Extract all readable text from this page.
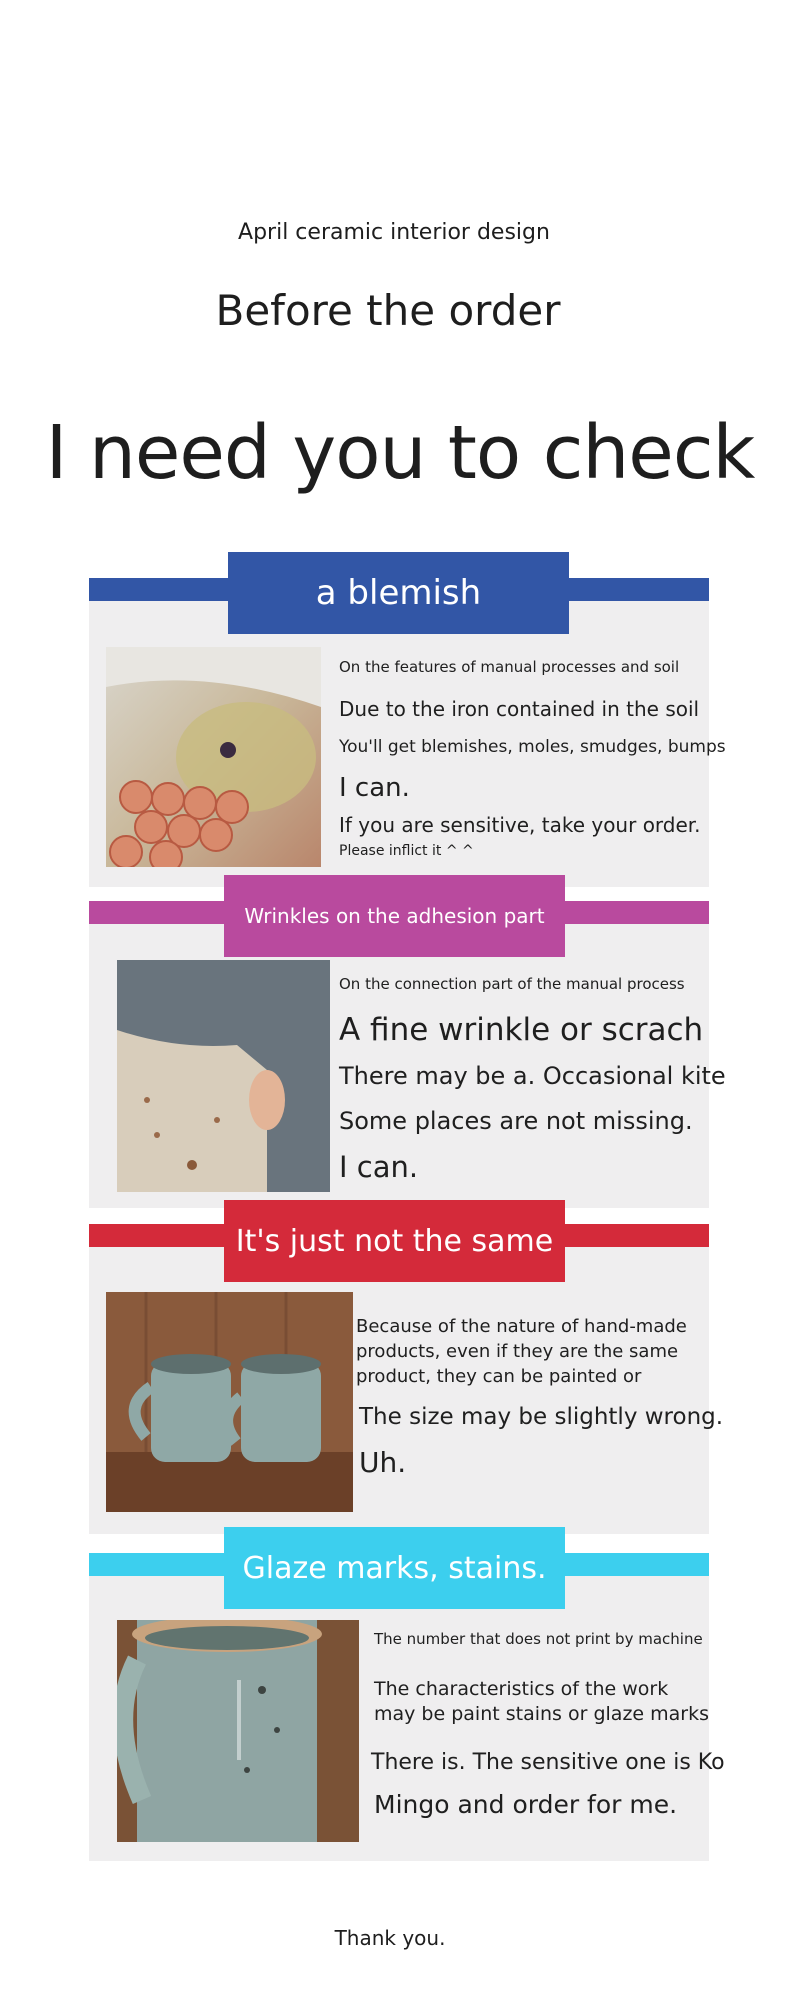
April ceramic interior design
Before the order
I need you to check
a blemish
On the features of manual processes and soil
Due to the iron contained in the soil
You'll get blemishes, moles, smudges, bumps
I can.
If you are sensitive, take your order.
Please inflict it ^ ^
Wrinkles on the adhesion part
On the connection part of the manual process
A fine wrinkle or scrach
There may be a. Occasional kite
Some places are not missing.
I can.
It's just not the same
Because of the nature of hand-made
products, even if they are the same
product, they can be painted or
The size may be slightly wrong.
Uh.
Glaze marks, stains.
The number that does not print by machine
The characteristics of the work
may be paint stains or glaze marks
There is. The sensitive one is Ko
Mingo and order for me.
Thank you.
